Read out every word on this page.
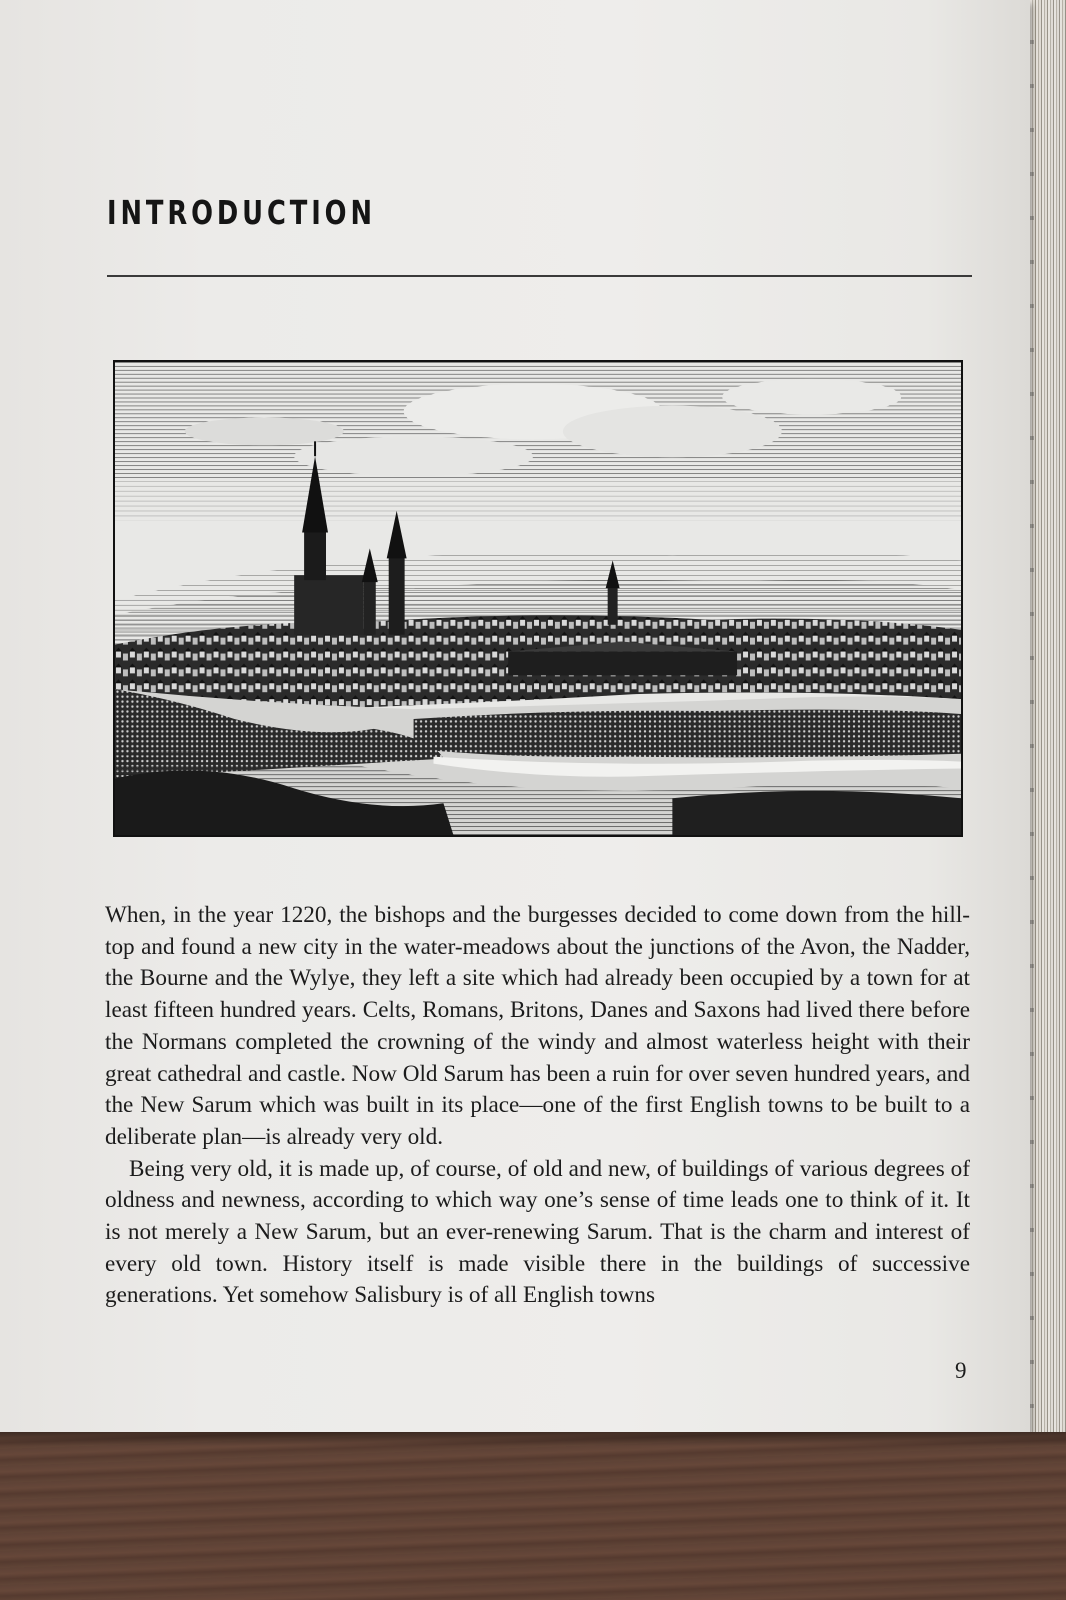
INTRODUCTION

When, in the year 1220, the bishops and the burgesses decided to come down from the hill-top and found a new city in the water-meadows about the junctions of the Avon, the Nadder, the Bourne and the Wylye, they left a site which had already been occupied by a town for at least fifteen hundred years. Celts, Romans, Britons, Danes and Saxons had lived there before the Normans completed the crowning of the windy and almost waterless height with their great cathedral and castle. Now Old Sarum has been a ruin for over seven hundred years, and the New Sarum which was built in its place—one of the first English towns to be built to a deliberate plan—is already very old.

Being very old, it is made up, of course, of old and new, of buildings of various degrees of oldness and newness, according to which way one’s sense of time leads one to think of it. It is not merely a New Sarum, but an ever-renewing Sarum. That is the charm and interest of every old town. History itself is made visible there in the buildings of successive generations. Yet somehow Salisbury is of all English towns

9
